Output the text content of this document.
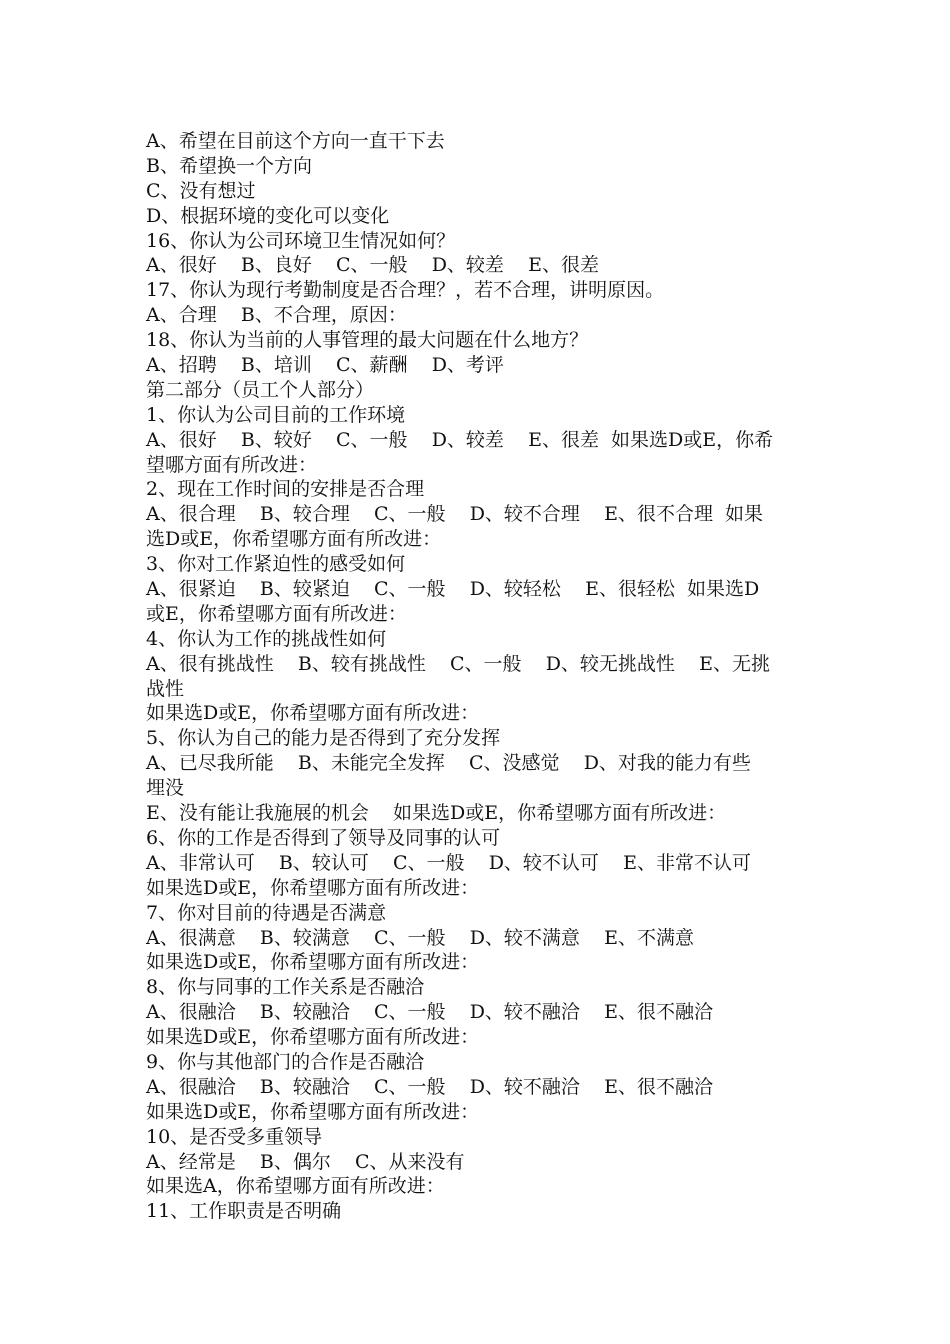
A、希望在目前这个方向一直干下去
B、希望换一个方向
C、没有想过
D、根据环境的变化可以变化
16、你认为公司环境卫生情况如何？
A、很好    B、良好    C、一般    D、较差    E、很差
17、你认为现行考勤制度是否合理？，若不合理，讲明原因。
A、合理    B、不合理，原因：
18、你认为当前的人事管理的最大问题在什么地方？
A、招聘    B、培训    C、薪酬    D、考评
第二部分（员工个人部分）
1、你认为公司目前的工作环境
A、很好    B、较好    C、一般    D、较差    E、很差  如果选D或E，你希
望哪方面有所改进：
2、现在工作时间的安排是否合理
A、很合理    B、较合理    C、一般    D、较不合理    E、很不合理  如果
选D或E，你希望哪方面有所改进：
3、你对工作紧迫性的感受如何
A、很紧迫    B、较紧迫    C、一般    D、较轻松    E、很轻松  如果选D
或E，你希望哪方面有所改进：
4、你认为工作的挑战性如何
A、很有挑战性    B、较有挑战性    C、一般    D、较无挑战性    E、无挑
战性
如果选D或E，你希望哪方面有所改进：
5、你认为自己的能力是否得到了充分发挥
A、已尽我所能    B、未能完全发挥    C、没感觉    D、对我的能力有些
埋没
E、没有能让我施展的机会    如果选D或E，你希望哪方面有所改进：
6、你的工作是否得到了领导及同事的认可
A、非常认可    B、较认可    C、一般    D、较不认可    E、非常不认可
如果选D或E，你希望哪方面有所改进：
7、你对目前的待遇是否满意
A、很满意    B、较满意    C、一般    D、较不满意    E、不满意
如果选D或E，你希望哪方面有所改进：
8、你与同事的工作关系是否融洽
A、很融洽    B、较融洽    C、一般    D、较不融洽    E、很不融洽
如果选D或E，你希望哪方面有所改进：
9、你与其他部门的合作是否融洽
A、很融洽    B、较融洽    C、一般    D、较不融洽    E、很不融洽
如果选D或E，你希望哪方面有所改进：
10、是否受多重领导
A、经常是    B、偶尔    C、从来没有
如果选A，你希望哪方面有所改进：
11、工作职责是否明确
